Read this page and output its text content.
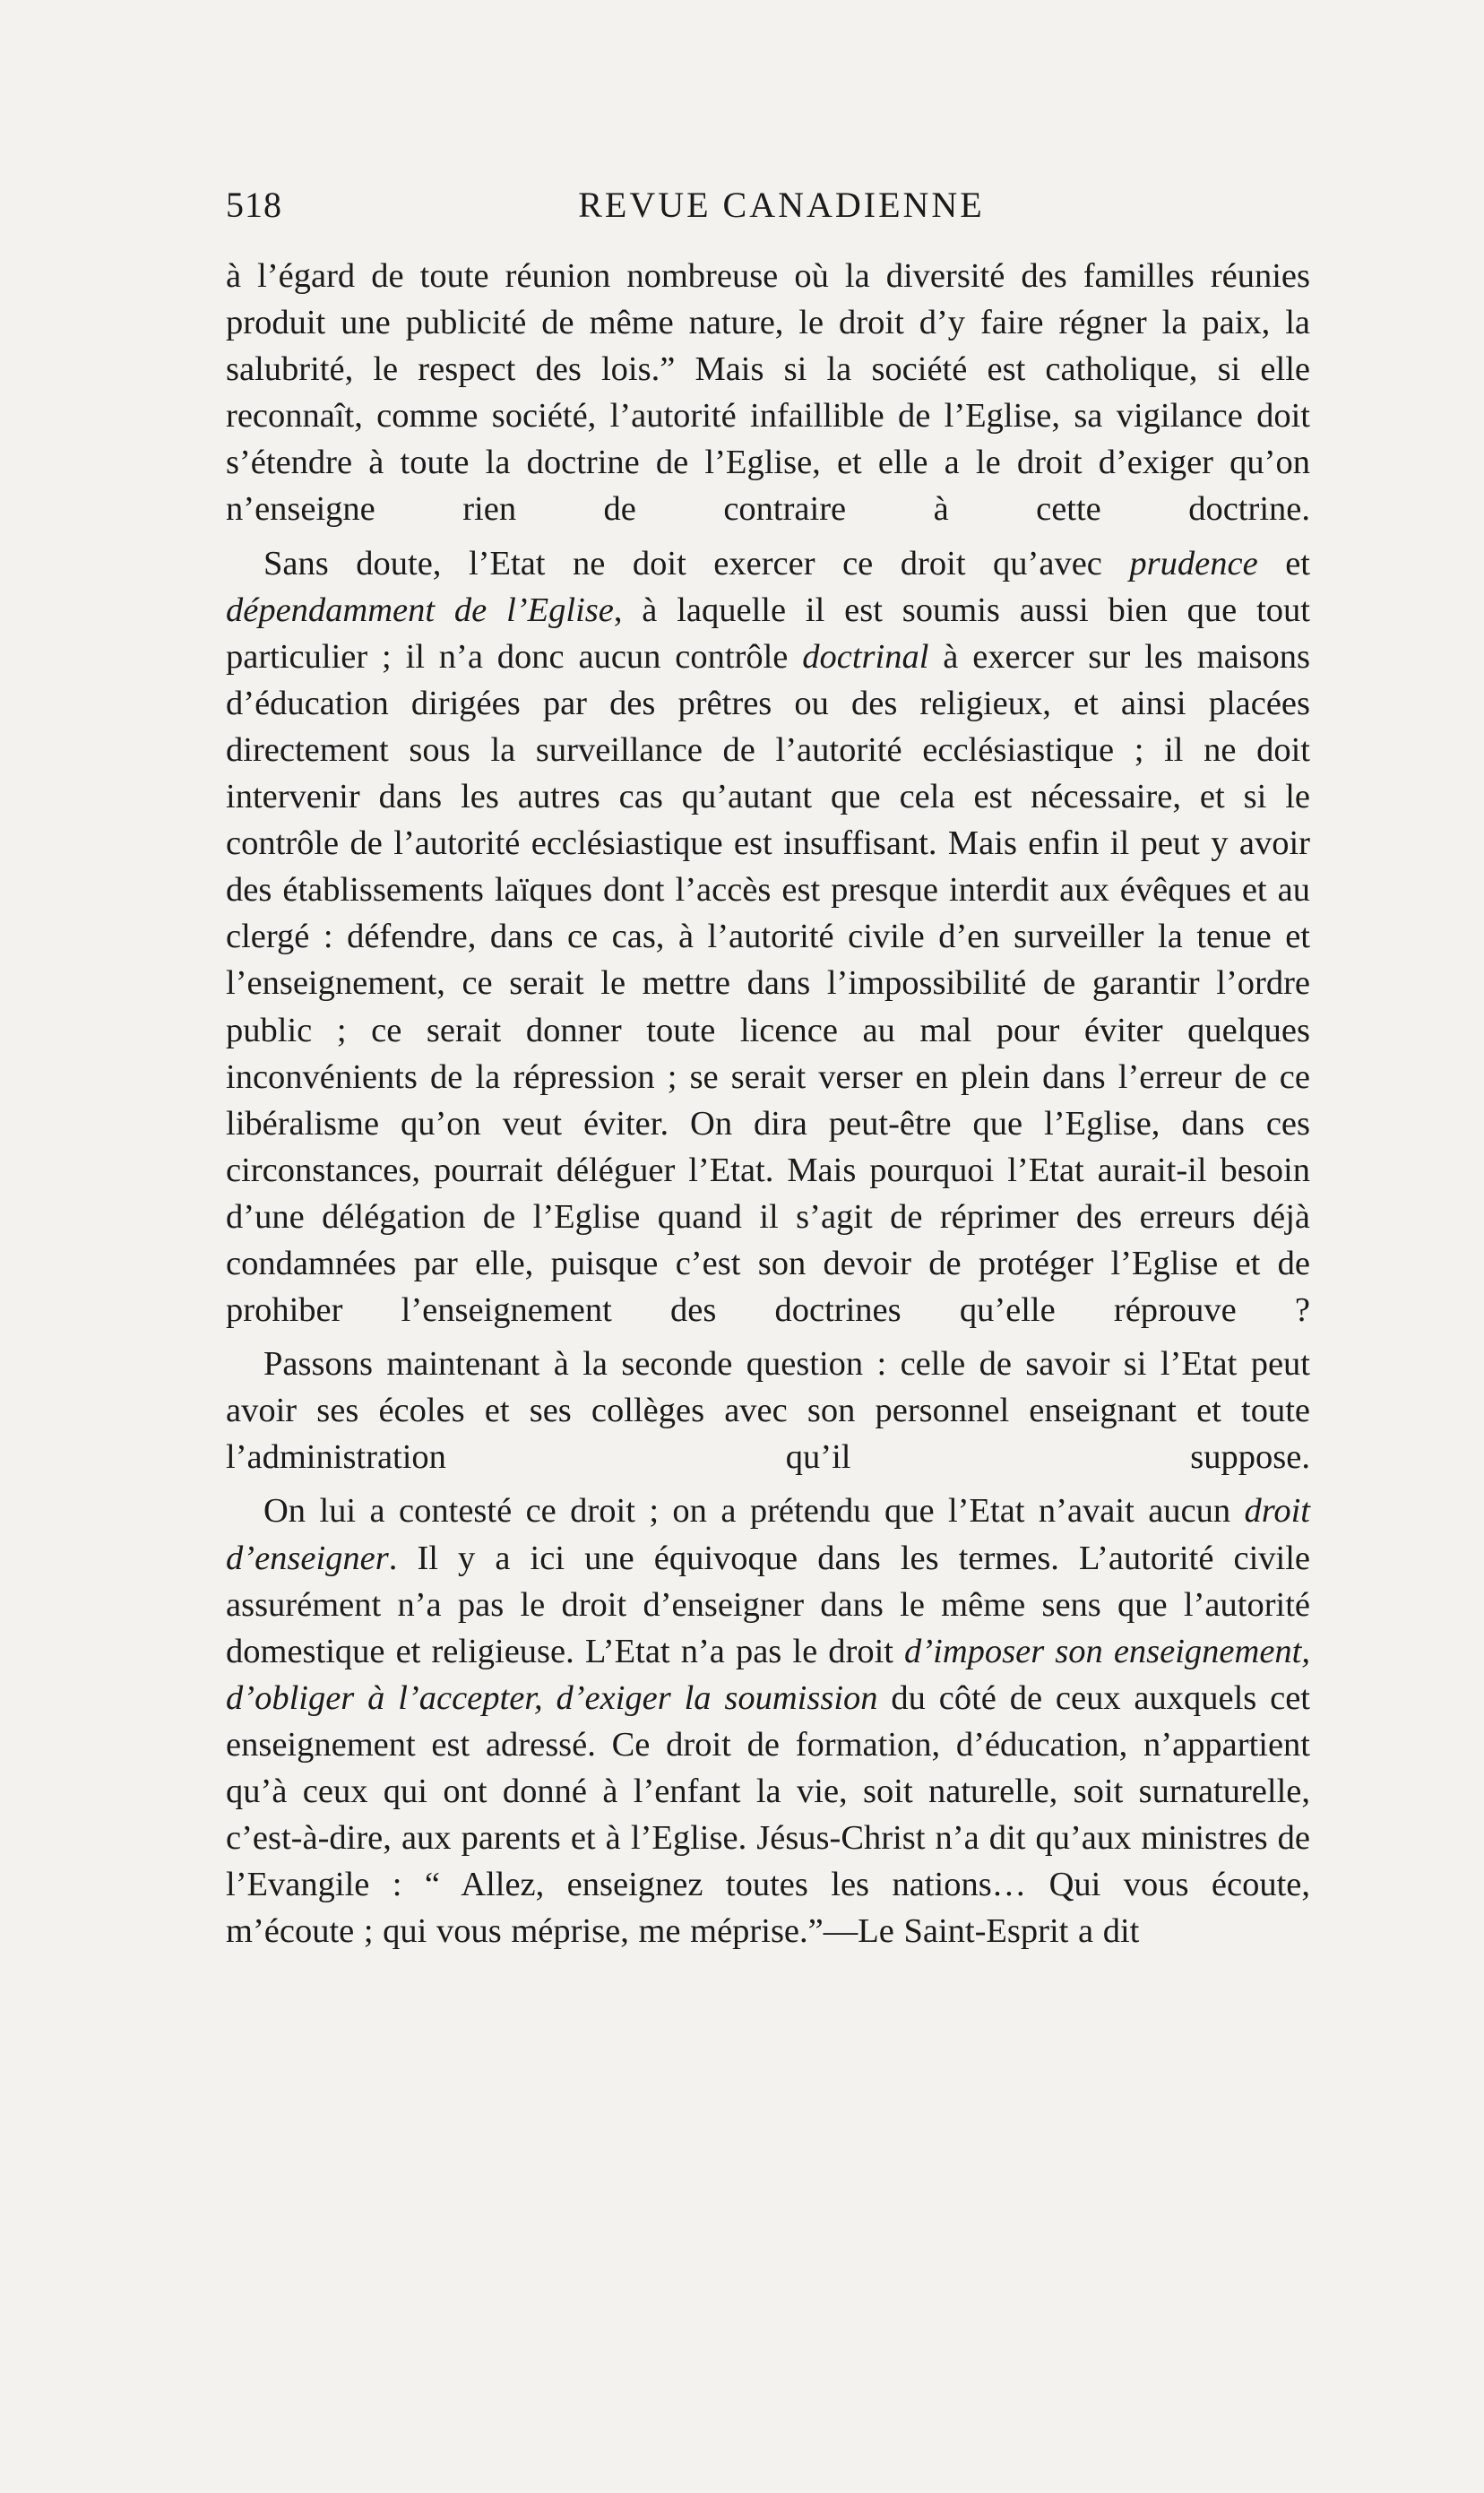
518	REVUE CANADIENNE

à l’égard de toute réunion nombreuse où la diversité des familles réunies produit une publicité de même nature, le droit d’y faire régner la paix, la salubrité, le respect des lois.” Mais si la société est catholique, si elle reconnaît, comme société, l’autorité infaillible de l’Eglise, sa vigilance doit s’étendre à toute la doctrine de l’Eglise, et elle a le droit d’exiger qu’on n’enseigne rien de contraire à cette doctrine.

Sans doute, l’Etat ne doit exercer ce droit qu’avec prudence et dépendamment de l’Eglise, à laquelle il est soumis aussi bien que tout particulier ; il n’a donc aucun contrôle doctrinal à exercer sur les maisons d’éducation dirigées par des prêtres ou des religieux, et ainsi placées directement sous la surveillance de l’autorité ecclésiastique ; il ne doit intervenir dans les autres cas qu’autant que cela est nécessaire, et si le contrôle de l’autorité ecclésiastique est insuffisant. Mais enfin il peut y avoir des établissements laïques dont l’accès est presque interdit aux évêques et au clergé : défendre, dans ce cas, à l’autorité civile d’en surveiller la tenue et l’enseignement, ce serait le mettre dans l’impossibilité de garantir l’ordre public ; ce serait donner toute licence au mal pour éviter quelques inconvénients de la répression ; se serait verser en plein dans l’erreur de ce libéralisme qu’on veut éviter. On dira peut-être que l’Eglise, dans ces circonstances, pourrait déléguer l’Etat. Mais pourquoi l’Etat aurait-il besoin d’une délégation de l’Eglise quand il s’agit de réprimer des erreurs déjà condamnées par elle, puisque c’est son devoir de protéger l’Eglise et de prohiber l’enseignement des doctrines qu’elle réprouve ?

Passons maintenant à la seconde question : celle de savoir si l’Etat peut avoir ses écoles et ses collèges avec son personnel enseignant et toute l’administration qu’il suppose.

On lui a contesté ce droit ; on a prétendu que l’Etat n’avait aucun droit d’enseigner. Il y a ici une équivoque dans les termes. L’autorité civile assurément n’a pas le droit d’enseigner dans le même sens que l’autorité domestique et religieuse. L’Etat n’a pas le droit d’imposer son enseignement, d’obliger à l’accepter, d’exiger la soumission du côté de ceux auxquels cet enseignement est adressé. Ce droit de formation, d’éducation, n’appartient qu’à ceux qui ont donné à l’enfant la vie, soit naturelle, soit surnaturelle, c’est-à-dire, aux parents et à l’Eglise. Jésus-Christ n’a dit qu’aux ministres de l’Evangile : “ Allez, enseignez toutes les nations… Qui vous écoute, m’écoute ; qui vous méprise, me méprise.”—Le Saint-Esprit a dit
